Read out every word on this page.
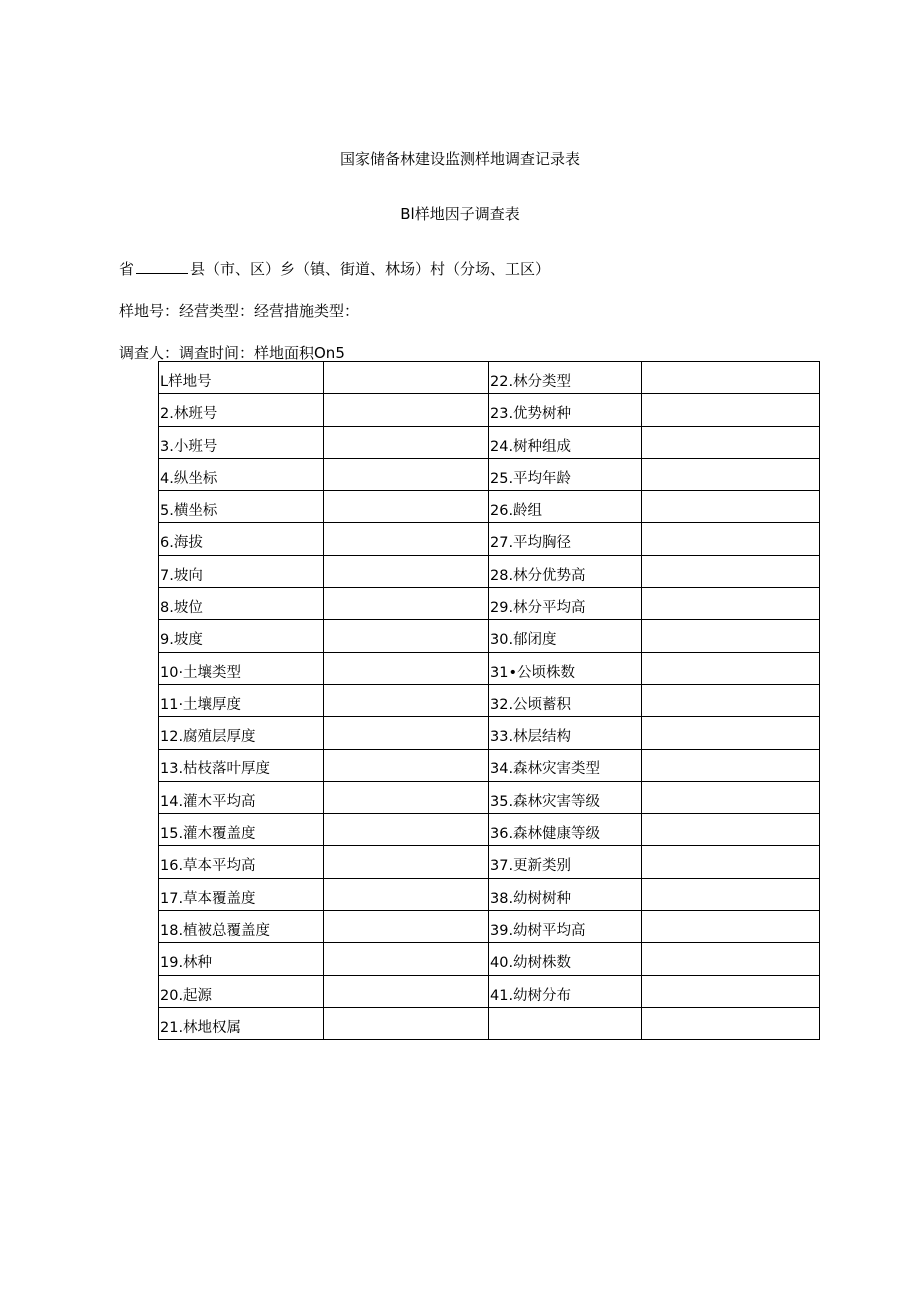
国家储备林建设监测样地调查记录表
Bl样地因子调查表
省	县（市、区）乡（镇、街道、林场）村（分场、工区）
样地号：经营类型：经营措施类型：
调查人：调查时间：样地面积On5
L样地号		22.林分类型	
2.林班号		23.优势树种	
3.小班号		24.树种组成	
4.纵坐标		25.平均年龄	
5.横坐标		26.龄组	
6.海拔		27.平均胸径	
7.坡向		28.林分优势高	
8.坡位		29.林分平均高	
9.坡度		30.郁闭度	
10·土壤类型		31•公顷株数	
11·土壤厚度		32.公顷蓄积	
12.腐殖层厚度		33.林层结构	
13.枯枝落叶厚度		34.森林灾害类型	
14.灌木平均高		35.森林灾害等级	
15.灌木覆盖度		36.森林健康等级	
16.草本平均高		37.更新类别	
17.草本覆盖度		38.幼树树种	
18.植被总覆盖度		39.幼树平均高	
19.林种		40.幼树株数	
20.起源		41.幼树分布	
21.林地权属			
